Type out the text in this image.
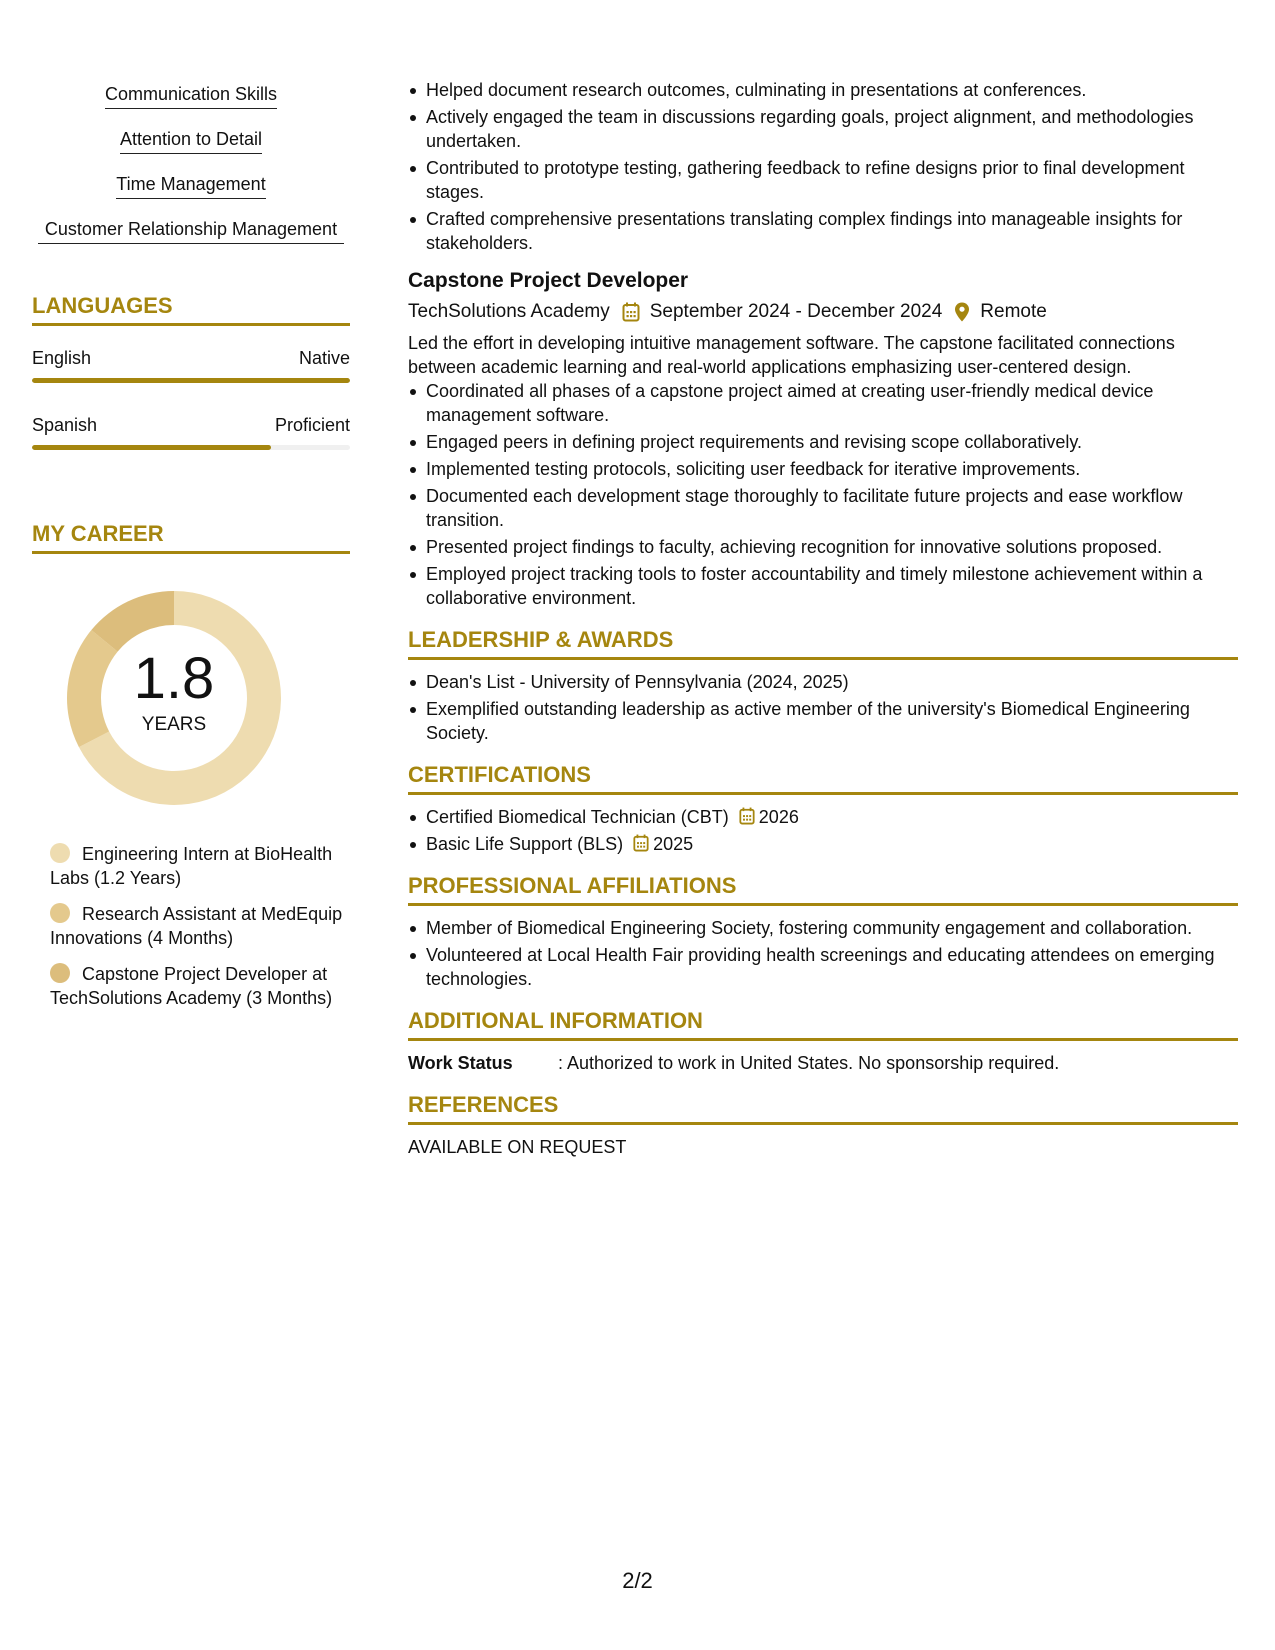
Communication Skills
Attention to Detail
Time Management
Customer Relationship Management
LANGUAGES
English	Native
Spanish	Proficient
MY CAREER
1.8
YEARS
Engineering Intern at BioHealth Labs (1.2 Years)
Research Assistant at MedEquip Innovations (4 Months)
Capstone Project Developer at TechSolutions Academy (3 Months)
Helped document research outcomes, culminating in presentations at conferences.
Actively engaged the team in discussions regarding goals, project alignment, and methodologies undertaken.
Contributed to prototype testing, gathering feedback to refine designs prior to final development stages.
Crafted comprehensive presentations translating complex findings into manageable insights for stakeholders.
Capstone Project Developer
TechSolutions Academy September 2024 - December 2024 Remote
Led the effort in developing intuitive management software. The capstone facilitated connections between academic learning and real-world applications emphasizing user-centered design.
Coordinated all phases of a capstone project aimed at creating user-friendly medical device management software.
Engaged peers in defining project requirements and revising scope collaboratively.
Implemented testing protocols, soliciting user feedback for iterative improvements.
Documented each development stage thoroughly to facilitate future projects and ease workflow transition.
Presented project findings to faculty, achieving recognition for innovative solutions proposed.
Employed project tracking tools to foster accountability and timely milestone achievement within a collaborative environment.
LEADERSHIP & AWARDS
Dean's List - University of Pennsylvania (2024, 2025)
Exemplified outstanding leadership as active member of the university's Biomedical Engineering Society.
CERTIFICATIONS
Certified Biomedical Technician (CBT) 2026
Basic Life Support (BLS) 2025
PROFESSIONAL AFFILIATIONS
Member of Biomedical Engineering Society, fostering community engagement and collaboration.
Volunteered at Local Health Fair providing health screenings and educating attendees on emerging technologies.
ADDITIONAL INFORMATION
Work Status	: Authorized to work in United States. No sponsorship required.
REFERENCES
AVAILABLE ON REQUEST
2/2
